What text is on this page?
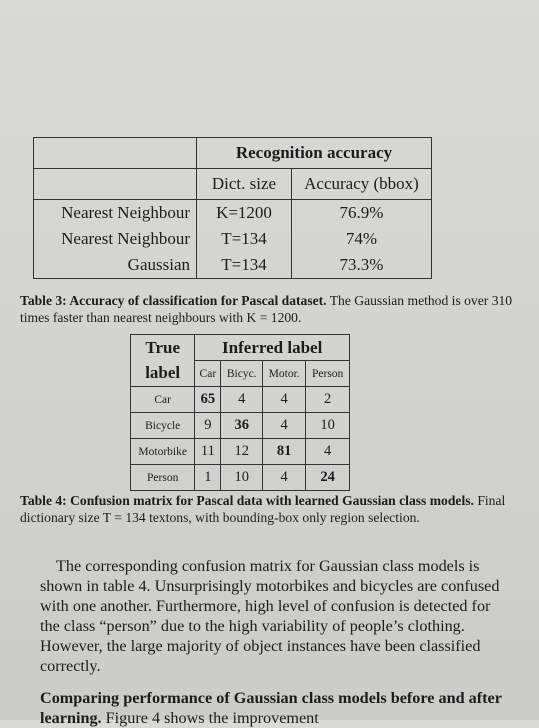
	Recognition accuracy	
	Dict. size	Accuracy (bbox)
Nearest Neighbour	K=1200	76.9%
Nearest Neighbour	T=134	74%
Gaussian	T=134	73.3%
Table 3: Accuracy of classification for Pascal dataset. The Gaussian method is over 310 times faster than nearest neighbours with K = 1200.
True	Inferred label			
label	Car	Bicyc.	Motor.	Person
Car	65	4	4	2
Bicycle	9	36	4	10
Motorbike	11	12	81	4
Person	1	10	4	24
Table 4: Confusion matrix for Pascal data with learned Gaussian class models. Final dictionary size T = 134 textons, with bounding-box only region selection.

The corresponding confusion matrix for Gaussian class models is shown in table 4. Unsurprisingly motorbikes and bicycles are confused with one another. Furthermore, high level of confusion is detected for the class “person” due to the high variability of people’s clothing. However, the large majority of object instances have been classified correctly.

Comparing performance of Gaussian class models before and after learning. Figure 4 shows the improvement
